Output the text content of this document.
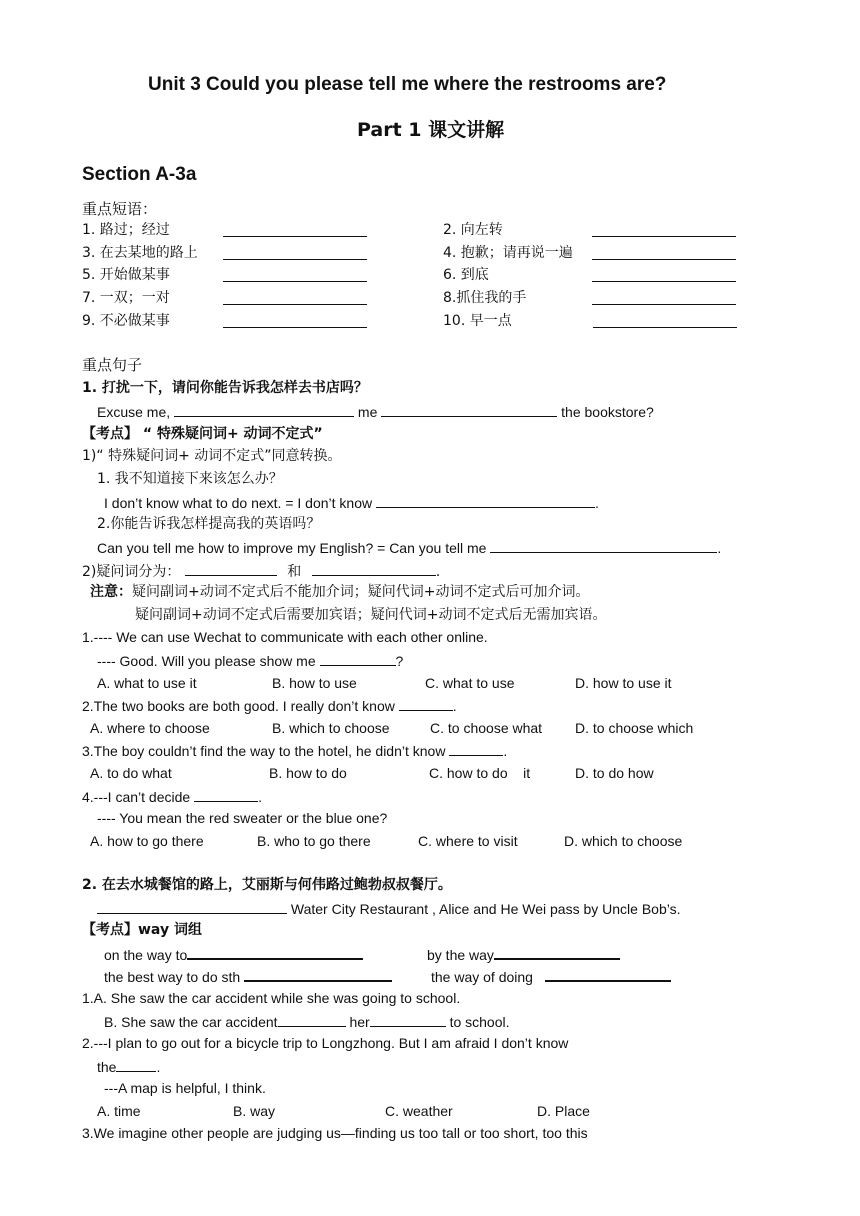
Unit 3 Could you please tell me where the restrooms are?
Part 1 课文讲解
Section A-3a
重点短语：
1. 路过；经过	2. 向左转
3. 在去某地的路上	4. 抱歉；请再说一遍
5. 开始做某事	6. 到底
7. 一双；一对	8.抓住我的手
9. 不必做某事	10. 早一点
重点句子
1. 打扰一下，请问你能告诉我怎样去书店吗？
Excuse me,	me	the bookstore?
【考点】 “ 特殊疑问词+ 动词不定式”
1)“ 特殊疑问词+ 动词不定式”同意转换。
1. 我不知道接下来该怎么办？
I don’t know what to do next. = I don’t know	.
2.你能告诉我怎样提高我的英语吗？
Can you tell me how to improve my English? = Can you tell me	.
2)疑问词分为：	和	.
注意：疑问副词+动词不定式后不能加介词；疑问代词+动词不定式后可加介词。
疑问副词+动词不定式后需要加宾语；疑问代词+动词不定式后无需加宾语。
1.---- We can use Wechat to communicate with each other online.
---- Good. Will you please show me	?
A. what to use it	B. how to use	C. what to use	D. how to use it
2.The two books are both good. I really don’t know	.
A. where to choose	B. which to choose	C. to choose what D. to choose which
3.The boy couldn’t find the way to the hotel, he didn’t know	.
A. to do what	B. how to do	C. how to do    it	D. to do how
4.---I can’t decide	.
---- You mean the red sweater or the blue one?
A. how to go there	B. who to go there	C. where to visit	D. which to choose
2. 在去水城餐馆的路上，艾丽斯与何伟路过鲍勃叔叔餐厅。
Water City Restaurant , Alice and He Wei pass by Uncle Bob’s.
【考点】way 词组
on the way to	by the way
the best way to do sth	the way of doing
1.A. She saw the car accident while she was going to school.
B. She saw the car accident	her	to school.
2.---I plan to go out for a bicycle trip to Longzhong. But I am afraid I don’t know
the	.
---A map is helpful, I think.
A. time	B. way	C. weather	D. Place
3.We imagine other people are judging us—finding us too tall or too short, too this
